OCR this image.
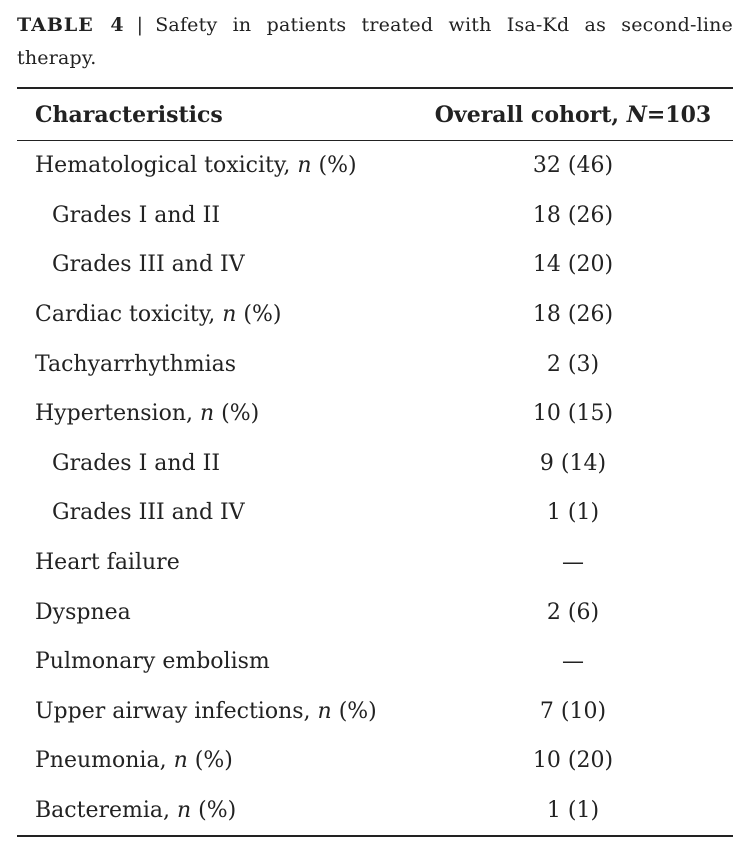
TABLE 4 | Safety in patients treated with Isa-Kd as second-line therapy.
Characteristics	Overall cohort, N=103
Hematological toxicity, n (%)	32 (46)
Grades I and II	18 (26)
Grades III and IV	14 (20)
Cardiac toxicity, n (%)	18 (26)
Tachyarrhythmias	2 (3)
Hypertension, n (%)	10 (15)
Grades I and II	9 (14)
Grades III and IV	1 (1)
Heart failure	—
Dyspnea	2 (6)
Pulmonary embolism	—
Upper airway infections, n (%)	7 (10)
Pneumonia, n (%)	10 (20)
Bacteremia, n (%)	1 (1)
